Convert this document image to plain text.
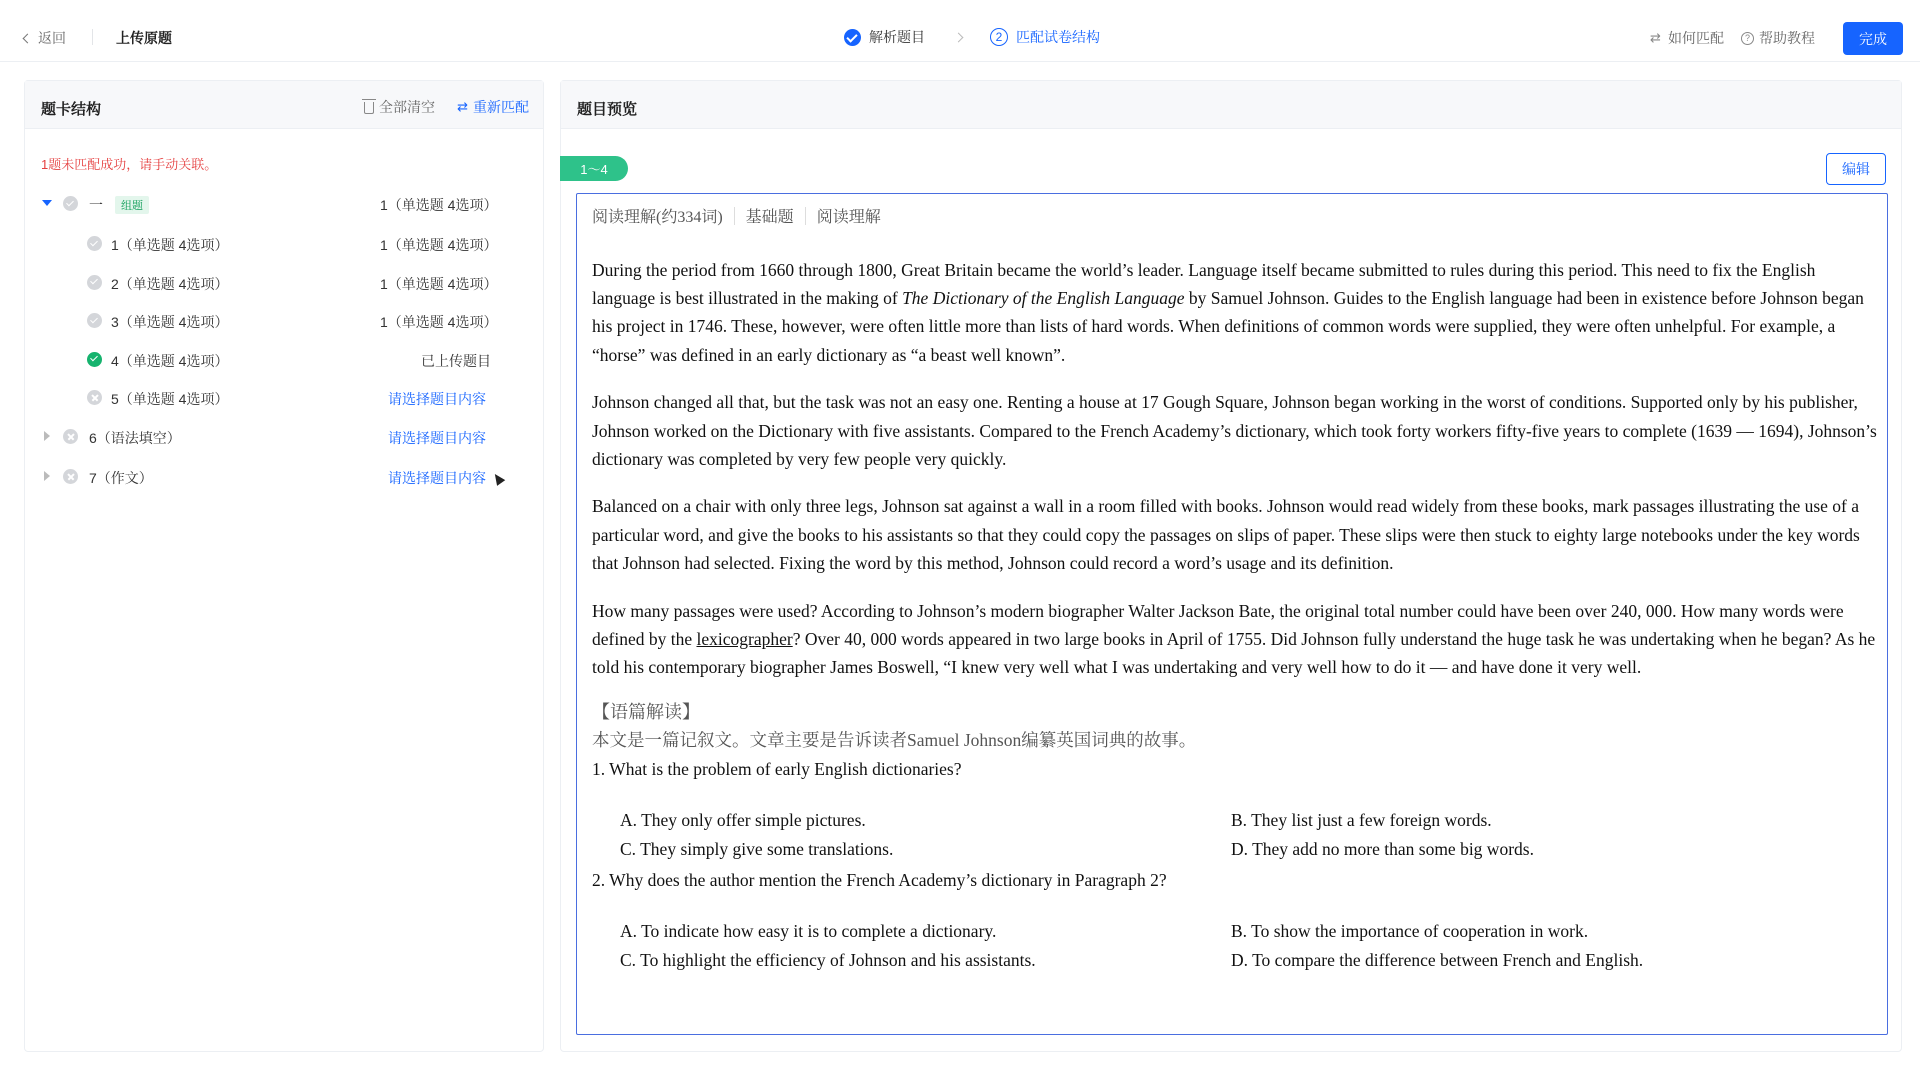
返回	上传原题	解析题目	2 匹配试卷结构
⇄	如何匹配	? 帮助教程	完成
题卡结构	全部清空 ⇄ 重新匹配
1题未匹配成功，请手动关联。
一 组题	1（单选题 4选项）
1（单选题 4选项）	1（单选题 4选项）
2（单选题 4选项）	1（单选题 4选项）
3（单选题 4选项）	1（单选题 4选项）
4（单选题 4选项）	已上传题目
5（单选题 4选项）	请选择题目内容
6（语法填空）	请选择题目内容
7（作文）	请选择题目内容
题目预览
1～4	编辑
阅读理解(约334词) 基础题 阅读理解

During the period from 1660 through 1800, Great Britain became the world’s leader. Language itself became submitted to rules during this period. This need to fix the English language is best illustrated in the making of The Dictionary of the English Language by Samuel Johnson. Guides to the English language had been in existence before Johnson began his project in 1746. These, however, were often little more than lists of hard words. When definitions of common words were supplied, they were often unhelpful. For example, a “horse” was defined in an early dictionary as “a beast well known”.

Johnson changed all that, but the task was not an easy one. Renting a house at 17 Gough Square, Johnson began working in the worst of conditions. Supported only by his publisher, Johnson worked on the Dictionary with five assistants. Compared to the French Academy’s dictionary, which took forty workers fifty-five years to complete (1639 — 1694), Johnson’s dictionary was completed by very few people very quickly.

Balanced on a chair with only three legs, Johnson sat against a wall in a room filled with books. Johnson would read widely from these books, mark passages illustrating the use of a particular word, and give the books to his assistants so that they could copy the passages on slips of paper. These slips were then stuck to eighty large notebooks under the key words that Johnson had selected. Fixing the word by this method, Johnson could record a word’s usage and its definition.

How many passages were used? According to Johnson’s modern biographer Walter Jackson Bate, the original total number could have been over 240, 000. How many words were defined by the lexicographer? Over 40, 000 words appeared in two large books in April of 1755. Did Johnson fully understand the huge task he was undertaking when he began? As he told his contemporary biographer James Boswell, “I knew very well what I was undertaking and very well how to do it — and have done it very well.

【语篇解读】
本文是一篇记叙文。文章主要是告诉读者Samuel Johnson编纂英国词典的故事。
1. What is the problem of early English dictionaries?
A. They only offer simple pictures.	B. They list just a few foreign words.
C. They simply give some translations.	D. They add no more than some big words.
2. Why does the author mention the French Academy’s dictionary in Paragraph 2?
A. To indicate how easy it is to complete a dictionary.	B. To show the importance of cooperation in work.
C. To highlight the efficiency of Johnson and his assistants.	D. To compare the difference between French and English.
